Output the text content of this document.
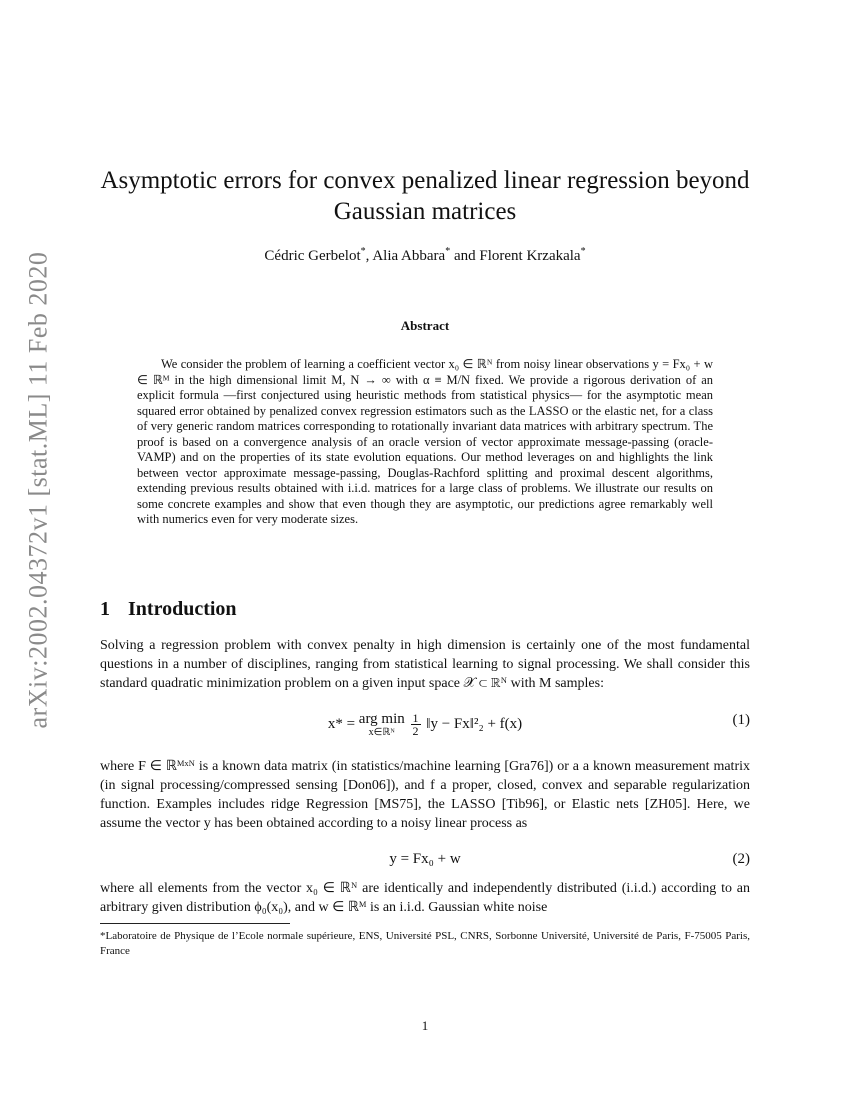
arXiv:2002.04372v1 [stat.ML] 11 Feb 2020
Asymptotic errors for convex penalized linear regression beyond
Gaussian matrices
Cédric Gerbelot*, Alia Abbara* and Florent Krzakala*
Abstract

We consider the problem of learning a coefficient vector x₀ ∈ ℝᴺ from noisy linear observations y = Fx₀ + w ∈ ℝᴹ in the high dimensional limit M, N → ∞ with α ≡ M/N fixed. We provide a rigorous derivation of an explicit formula —first conjectured using heuristic methods from statistical physics— for the asymptotic mean squared error obtained by penalized convex regression estimators such as the LASSO or the elastic net, for a class of very generic random matrices corresponding to rotationally invariant data matrices with arbitrary spectrum. The proof is based on a convergence analysis of an oracle version of vector approximate message-passing (oracle-VAMP) and on the properties of its state evolution equations. Our method leverages on and highlights the link between vector approximate message-passing, Douglas-Rachford splitting and proximal descent algorithms, extending previous results obtained with i.i.d. matrices for a large class of problems. We illustrate our results on some concrete examples and show that even though they are asymptotic, our predictions agree remarkably well with numerics even for very moderate sizes.

1 Introduction

Solving a regression problem with convex penalty in high dimension is certainly one of the most fundamental questions in a number of disciplines, ranging from statistical learning to signal processing. We shall consider this standard quadratic minimization problem on a given input space 𝒳 ⊂ ℝᴺ with M samples:

x* = arg min
x∈ℝᴺ
	$\frac{1}{2}$ ‖y − Fx‖²₂ + f(x)	(1)

where F ∈ ℝᴹˣᴺ is a known data matrix (in statistics/machine learning [Gra76]) or a a known measurement matrix (in signal processing/compressed sensing [Don06]), and f a proper, closed, convex and separable regularization function. Examples includes ridge Regression [MS75], the LASSO [Tib96], or Elastic nets [ZH05]. Here, we assume the vector y has been obtained according to a noisy linear process as

y = Fx₀ + w	(2)

where all elements from the vector x₀ ∈ ℝᴺ are identically and independently distributed (i.i.d.) according to an arbitrary given distribution ϕ₀(x₀), and w ∈ ℝᴹ is an i.i.d. Gaussian white noise

*Laboratoire de Physique de l’Ecole normale supérieure, ENS, Université PSL, CNRS, Sorbonne Université, Université de Paris, F-75005 Paris, France

1
